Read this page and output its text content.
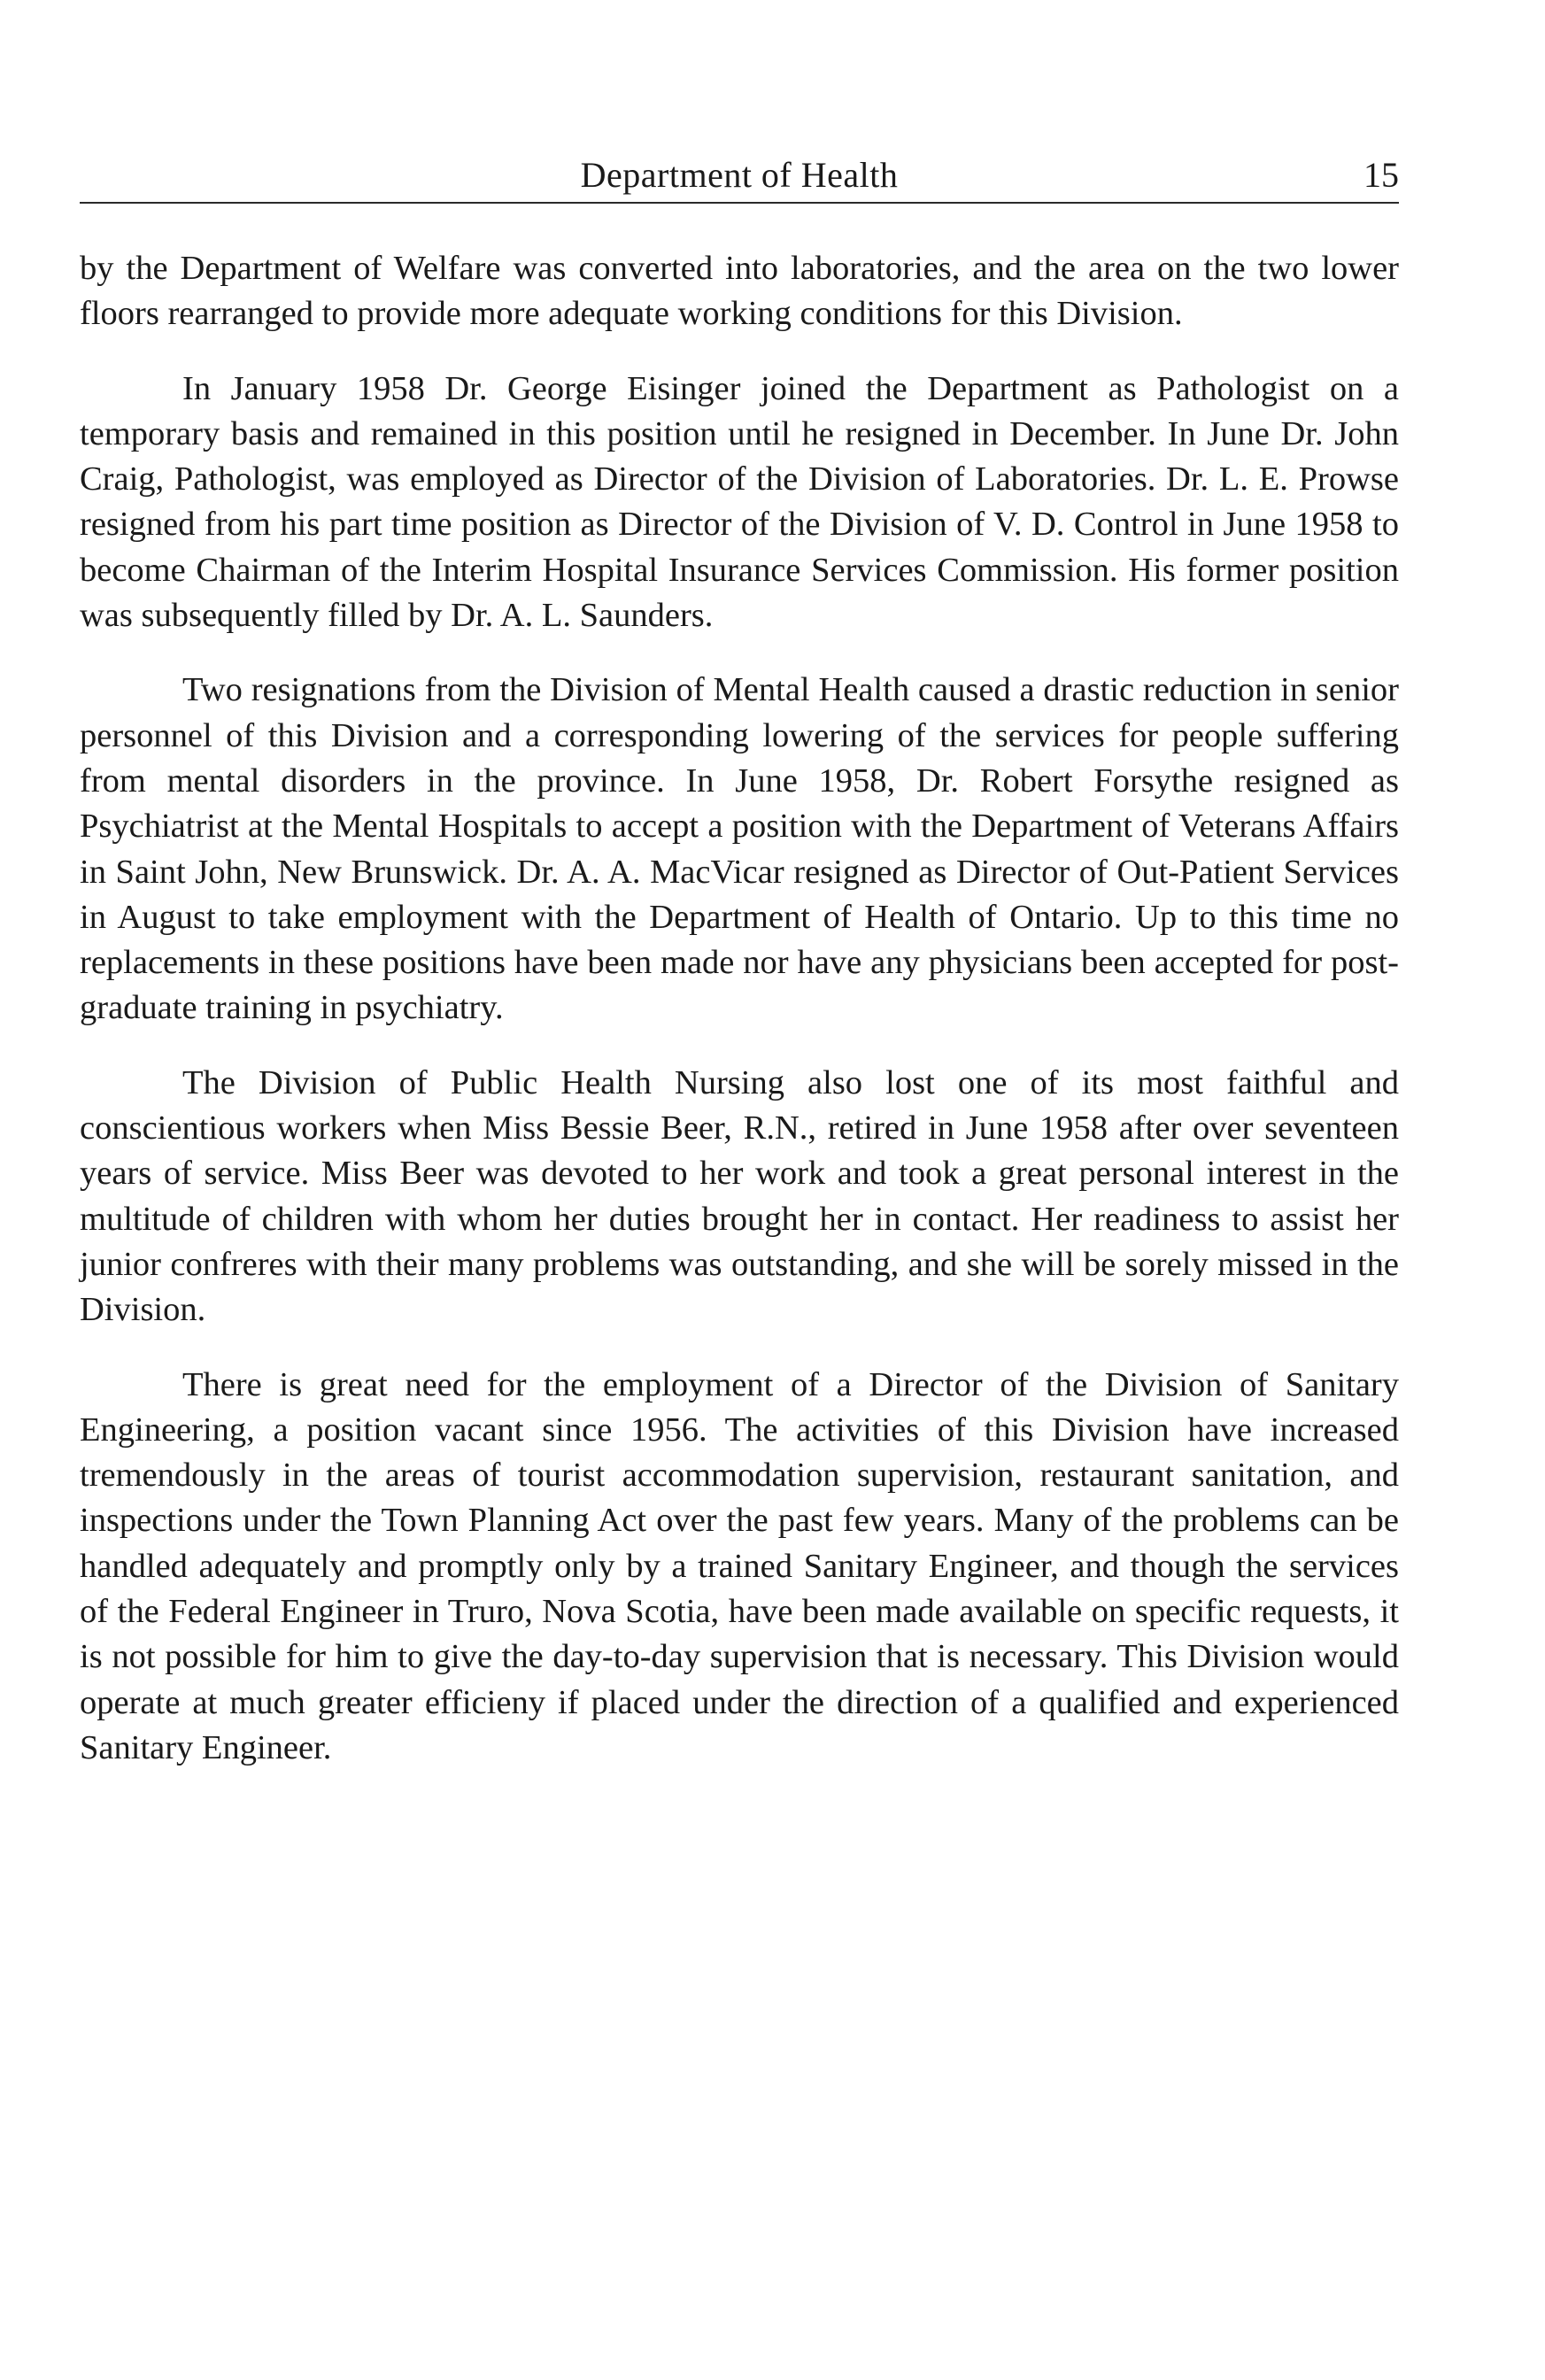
Department of Health	15

by the Department of Welfare was converted into laboratories, and the area on the two lower floors rearranged to provide more adequate working conditions for this Division.

In January 1958 Dr. George Eisinger joined the Department as Pathologist on a temporary basis and remained in this position until he resigned in December. In June Dr. John Craig, Pathologist, was employed as Director of the Division of Laboratories. Dr. L. E. Prowse resigned from his part time position as Director of the Division of V. D. Control in June 1958 to become Chairman of the Interim Hospital Insurance Services Commission. His former position was subsequently filled by Dr. A. L. Saunders.

Two resignations from the Division of Mental Health caused a drastic reduction in senior personnel of this Division and a corresponding lowering of the services for people suffering from mental disorders in the province. In June 1958, Dr. Robert Forsythe resigned as Psychiatrist at the Mental Hospitals to accept a position with the Department of Veterans Affairs in Saint John, New Brunswick. Dr. A. A. MacVicar resigned as Director of Out-Patient Services in August to take employment with the Department of Health of Ontario. Up to this time no replacements in these positions have been made nor have any physicians been accepted for post-graduate training in psychiatry.

The Division of Public Health Nursing also lost one of its most faithful and conscientious workers when Miss Bessie Beer, R.N., retired in June 1958 after over seventeen years of service. Miss Beer was devoted to her work and took a great personal interest in the multitude of children with whom her duties brought her in contact. Her readiness to assist her junior confreres with their many problems was outstanding, and she will be sorely missed in the Division.

There is great need for the employment of a Director of the Division of Sanitary Engineering, a position vacant since 1956. The activities of this Division have increased tremendously in the areas of tourist accommodation supervision, restaurant sanitation, and inspections under the Town Planning Act over the past few years. Many of the problems can be handled adequately and promptly only by a trained Sanitary Engineer, and though the services of the Federal Engineer in Truro, Nova Scotia, have been made available on specific requests, it is not possible for him to give the day-to-day supervision that is necessary. This Division would operate at much greater efficieny if placed under the direction of a qualified and experienced Sanitary Engineer.
